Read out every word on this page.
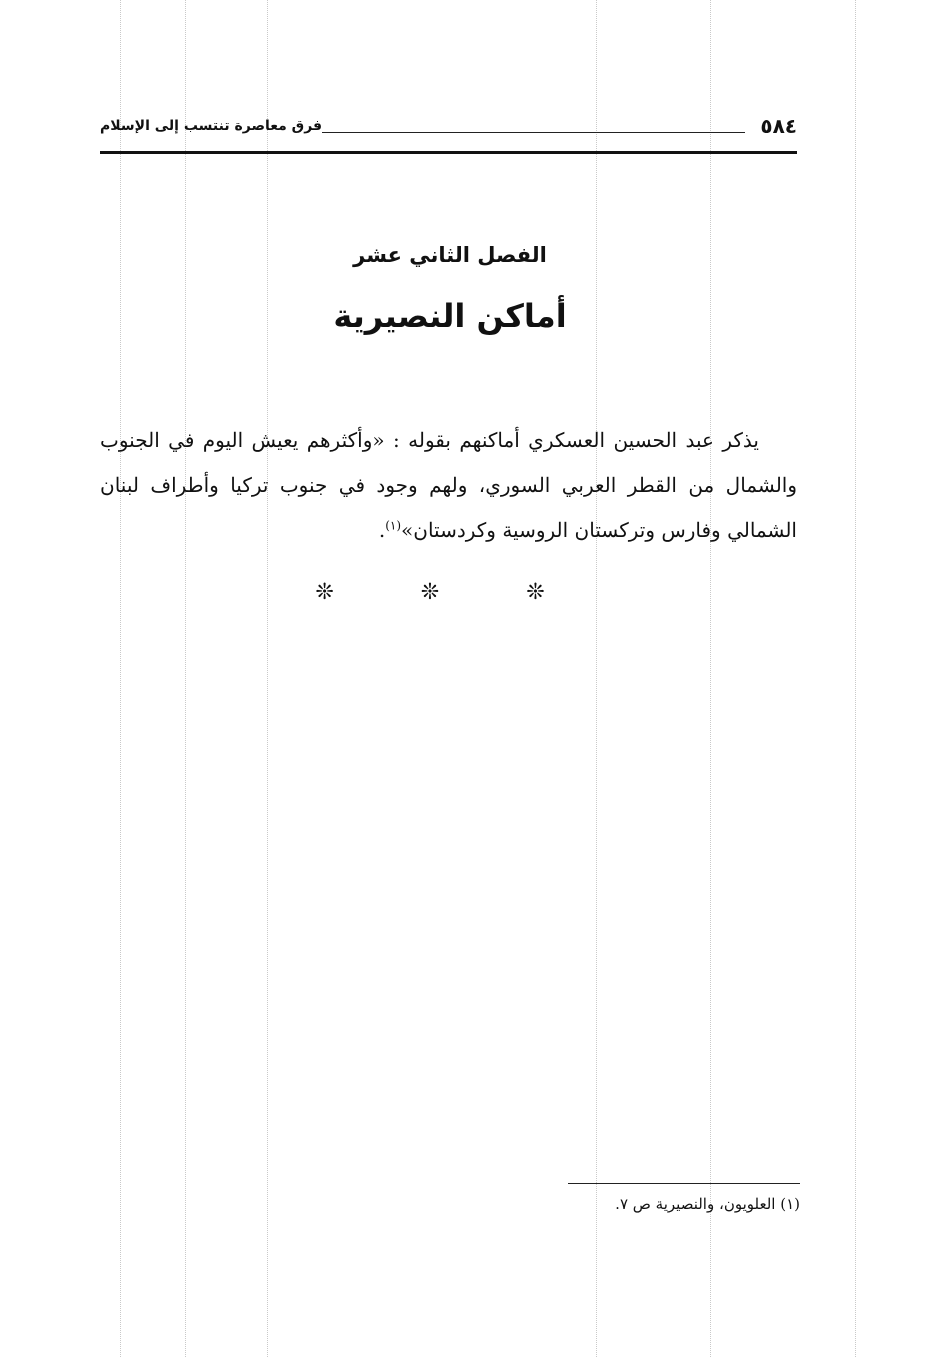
٥٨٤
فرق معاصرة تنتسب إلى الإسلام
الفصل الثاني عشر
أماكن النصيرية

يذكر عبد الحسين العسكري أماكنهم بقوله : «وأكثرهم يعيش اليوم في الجنوب والشمال من القطر العربي السوري، ولهم وجود في جنوب تركيا وأطراف لبنان الشمالي وفارس وتركستان الروسية وكردستان»$^{(١)}$.

❊ ❊ ❊
(١) العلويون، والنصيرية ص ٧.
